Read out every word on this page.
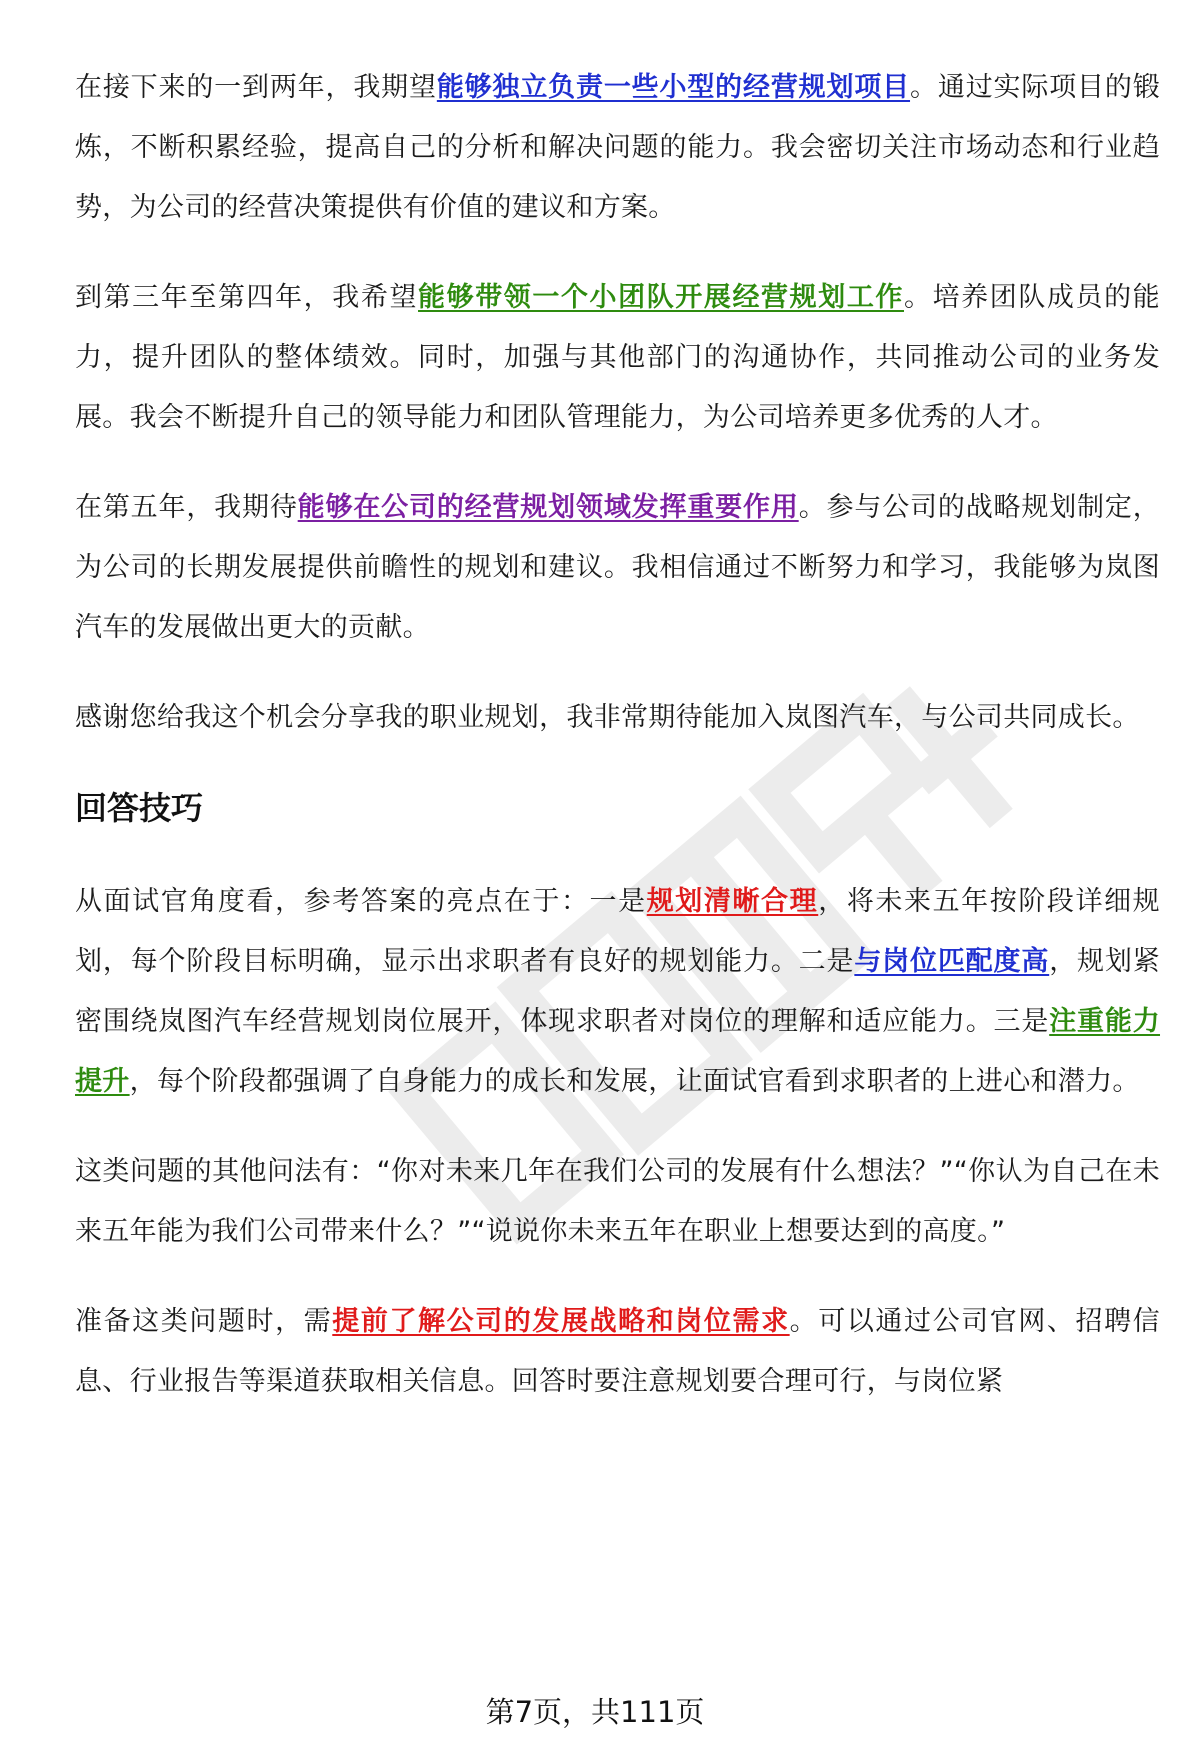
在接下来的一到两年，我期望能够独立负责一些小型的经营规划项目。通过实际项目的锻炼，不断积累经验，提高自己的分析和解决问题的能力。我会密切关注市场动态和行业趋势，为公司的经营决策提供有价值的建议和方案。

到第三年至第四年，我希望能够带领一个小团队开展经营规划工作。培养团队成员的能力，提升团队的整体绩效。同时，加强与其他部门的沟通协作，共同推动公司的业务发展。我会不断提升自己的领导能力和团队管理能力，为公司培养更多优秀的人才。

在第五年，我期待能够在公司的经营规划领域发挥重要作用。参与公司的战略规划制定，为公司的长期发展提供前瞻性的规划和建议。我相信通过不断努力和学习，我能够为岚图汽车的发展做出更大的贡献。

感谢您给我这个机会分享我的职业规划，我非常期待能加入岚图汽车，与公司共同成长。

回答技巧

从面试官角度看，参考答案的亮点在于：一是规划清晰合理，将未来五年按阶段详细规划，每个阶段目标明确，显示出求职者有良好的规划能力。二是与岗位匹配度高，规划紧密围绕岚图汽车经营规划岗位展开，体现求职者对岗位的理解和适应能力。三是注重能力提升，每个阶段都强调了自身能力的成长和发展，让面试官看到求职者的上进心和潜力。

这类问题的其他问法有：“你对未来几年在我们公司的发展有什么想法？”“你认为自己在未来五年能为我们公司带来什么？”“说说你未来五年在职业上想要达到的高度。”

准备这类问题时，需提前了解公司的发展战略和岗位需求。可以通过公司官网、招聘信息、行业报告等渠道获取相关信息。回答时要注意规划要合理可行，与岗位紧

第7页，共111页
